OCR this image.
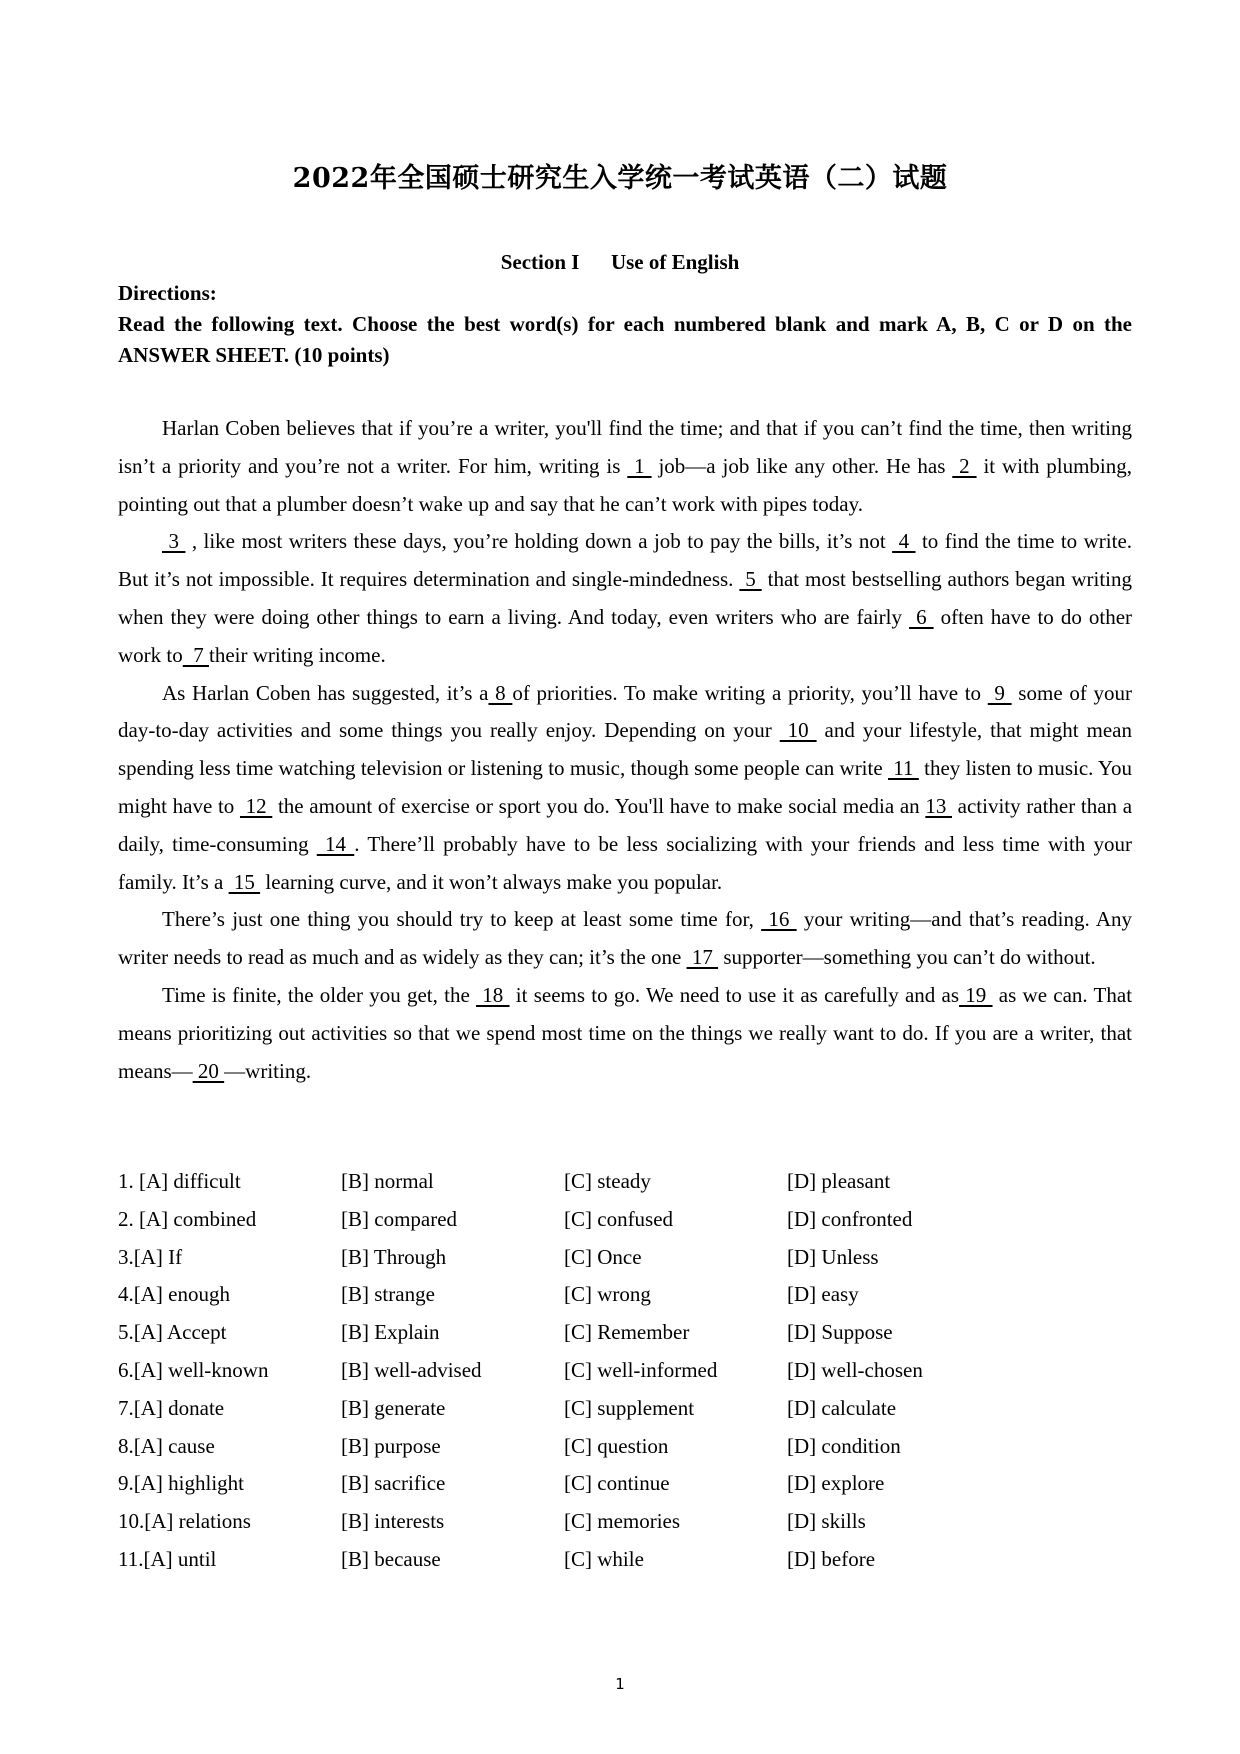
2022年全国硕士研究生入学统一考试英语（二）试题
Section I      Use of English

Directions:

Read the following text. Choose the best word(s) for each numbered blank and mark A, B, C or D on the ANSWER SHEET. (10 points)

Harlan Coben believes that if you’re a writer, you'll find the time; and that if you can’t find the time, then writing isn’t a priority and you’re not a writer. For him, writing is  1  job—a job like any other. He has  2  it with plumbing, pointing out that a plumber doesn’t wake up and say that he can’t work with pipes today.

3  , like most writers these days, you’re holding down a job to pay the bills, it’s not  4  to find the time to write. But it’s not impossible. It requires determination and single-mindedness.  5  that most bestselling authors began writing when they were doing other things to earn a living. And today, even writers who are fairly  6  often have to do other work to  7 their writing income.

As Harlan Coben has suggested, it’s a 8 of priorities. To make writing a priority, you’ll have to  9  some of your day-to-day activities and some things you really enjoy. Depending on your  10  and your lifestyle, that might mean spending less time watching television or listening to music, though some people can write  11  they listen to music. You might have to  12  the amount of exercise or sport you do. You'll have to make social media an 13  activity rather than a daily, time-consuming  14 . There’ll probably have to be less socializing with your friends and less time with your family. It’s a  15  learning curve, and it won’t always make you popular.

There’s just one thing you should try to keep at least some time for,  16  your writing—and that’s reading. Any writer needs to read as much and as widely as they can; it’s the one  17  supporter—something you can’t do without.

Time is finite, the older you get, the  18  it seems to go. We need to use it as carefully and as 19  as we can. That means prioritizing out activities so that we spend most time on the things we really want to do. If you are a writer, that means— 20 —writing.

1. [A] difficult	[B] normal	[C] steady	[D] pleasant
2. [A] combined	[B] compared	[C] confused	[D] confronted
3.[A] If	[B] Through	[C] Once	[D] Unless
4.[A] enough	[B] strange	[C] wrong	[D] easy
5.[A] Accept	[B] Explain	[C] Remember	[D] Suppose
6.[A] well-known	[B] well-advised	[C] well-informed	[D] well-chosen
7.[A] donate	[B] generate	[C] supplement	[D] calculate
8.[A] cause	[B] purpose	[C] question	[D] condition
9.[A] highlight	[B] sacrifice	[C] continue	[D] explore
10.[A] relations	[B] interests	[C] memories	[D] skills
11.[A] until	[B] because	[C] while	[D] before
1
